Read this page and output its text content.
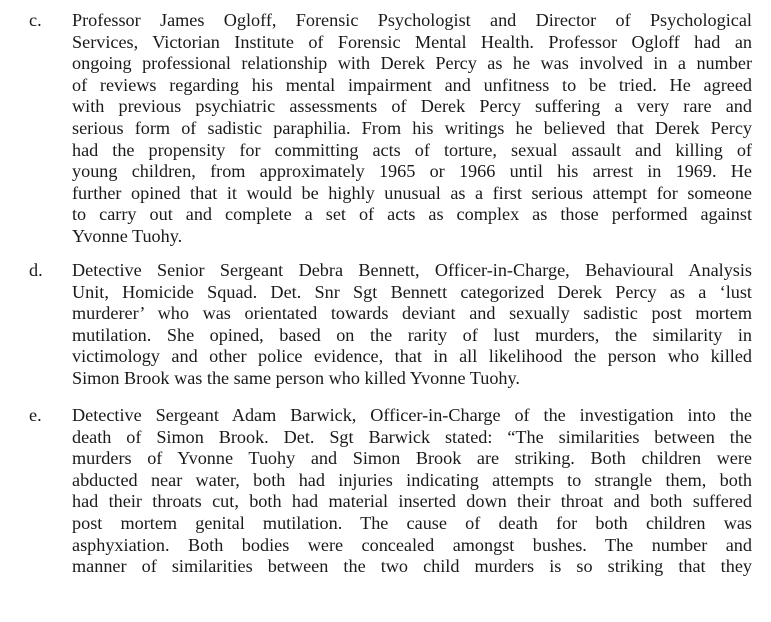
c. Professor James Ogloff, Forensic Psychologist and Director of Psychological
Services, Victorian Institute of Forensic Mental Health. Professor Ogloff had an
ongoing professional relationship with Derek Percy as he was involved in a number
of reviews regarding his mental impairment and unfitness to be tried. He agreed
with previous psychiatric assessments of Derek Percy suffering a very rare and
serious form of sadistic paraphilia. From his writings he believed that Derek Percy
had the propensity for committing acts of torture, sexual assault and killing of
young children, from approximately 1965 or 1966 until his arrest in 1969. He
further opined that it would be highly unusual as a first serious attempt for someone
to carry out and complete a set of acts as complex as those performed against
Yvonne Tuohy.
d. Detective Senior Sergeant Debra Bennett, Officer-in-Charge, Behavioural Analysis
Unit, Homicide Squad. Det. Snr Sgt Bennett categorized Derek Percy as a ‘lust
murderer’ who was orientated towards deviant and sexually sadistic post mortem
mutilation. She opined, based on the rarity of lust murders, the similarity in
victimology and other police evidence, that in all likelihood the person who killed
Simon Brook was the same person who killed Yvonne Tuohy.
e. Detective Sergeant Adam Barwick, Officer-in-Charge of the investigation into the
death of Simon Brook. Det. Sgt Barwick stated: “The similarities between the
murders of Yvonne Tuohy and Simon Brook are striking. Both children were
abducted near water, both had injuries indicating attempts to strangle them, both
had their throats cut, both had material inserted down their throat and both suffered
post mortem genital mutilation. The cause of death for both children was
asphyxiation. Both bodies were concealed amongst bushes. The number and
manner of similarities between the two child murders is so striking that they
